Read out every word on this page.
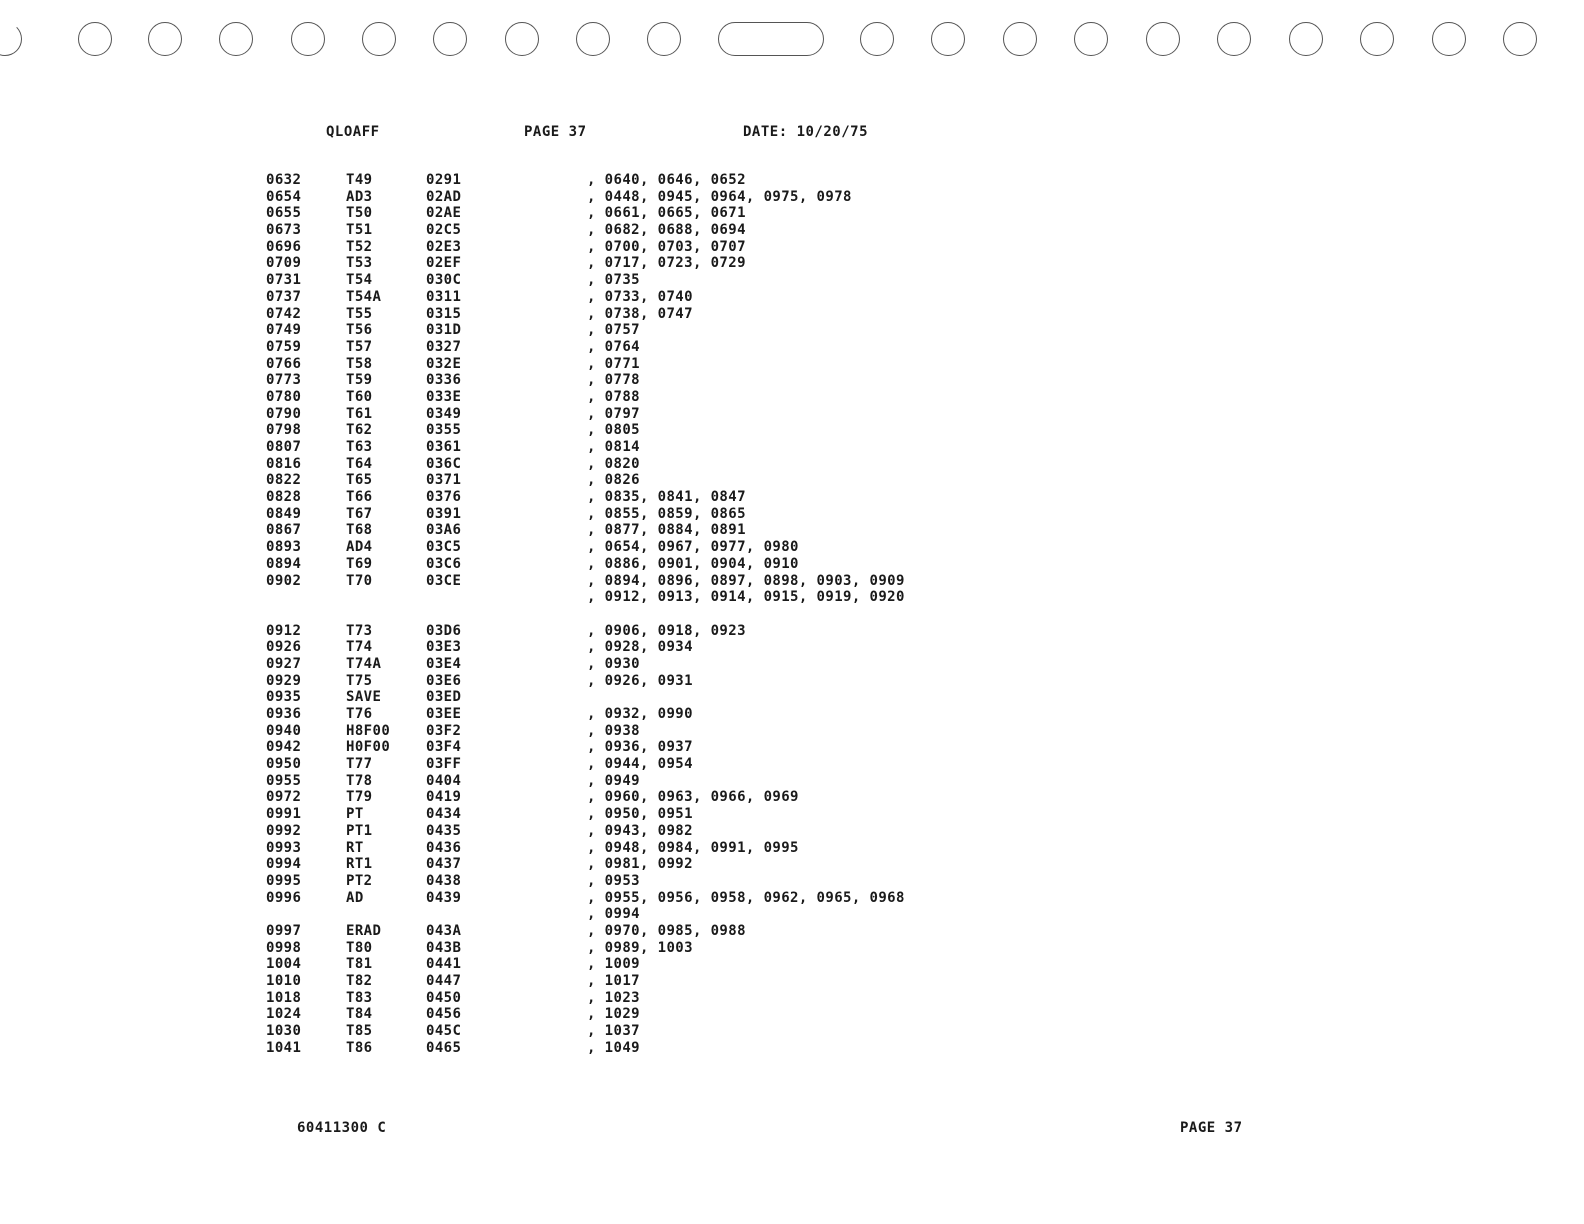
QLOAFF	PAGE 37	DATE: 10/20/75
0632	T49	0291	, 0640, 0646, 0652
0654	AD3	02AD	, 0448, 0945, 0964, 0975, 0978
0655	T50	02AE	, 0661, 0665, 0671
0673	T51	02C5	, 0682, 0688, 0694
0696	T52	02E3	, 0700, 0703, 0707
0709	T53	02EF	, 0717, 0723, 0729
0731	T54	030C	, 0735
0737	T54A	0311	, 0733, 0740
0742	T55	0315	, 0738, 0747
0749	T56	031D	, 0757
0759	T57	0327	, 0764
0766	T58	032E	, 0771
0773	T59	0336	, 0778
0780	T60	033E	, 0788
0790	T61	0349	, 0797
0798	T62	0355	, 0805
0807	T63	0361	, 0814
0816	T64	036C	, 0820
0822	T65	0371	, 0826
0828	T66	0376	, 0835, 0841, 0847
0849	T67	0391	, 0855, 0859, 0865
0867	T68	03A6	, 0877, 0884, 0891
0893	AD4	03C5	, 0654, 0967, 0977, 0980
0894	T69	03C6	, 0886, 0901, 0904, 0910
0902	T70	03CE	, 0894, 0896, 0897, 0898, 0903, 0909
, 0912, 0913, 0914, 0915, 0919, 0920
0912	T73	03D6	, 0906, 0918, 0923
0926	T74	03E3	, 0928, 0934
0927	T74A	03E4	, 0930
0929	T75	03E6	, 0926, 0931
0935	SAVE	03ED
0936	T76	03EE	, 0932, 0990
0940	H8F00	03F2	, 0938
0942	H0F00	03F4	, 0936, 0937
0950	T77	03FF	, 0944, 0954
0955	T78	0404	, 0949
0972	T79	0419	, 0960, 0963, 0966, 0969
0991	PT	0434	, 0950, 0951
0992	PT1	0435	, 0943, 0982
0993	RT	0436	, 0948, 0984, 0991, 0995
0994	RT1	0437	, 0981, 0992
0995	PT2	0438	, 0953
0996	AD	0439	, 0955, 0956, 0958, 0962, 0965, 0968
, 0994
0997	ERAD	043A	, 0970, 0985, 0988
0998	T80	043B	, 0989, 1003
1004	T81	0441	, 1009
1010	T82	0447	, 1017
1018	T83	0450	, 1023
1024	T84	0456	, 1029
1030	T85	045C	, 1037
1041	T86	0465	, 1049
60411300 C	PAGE 37
